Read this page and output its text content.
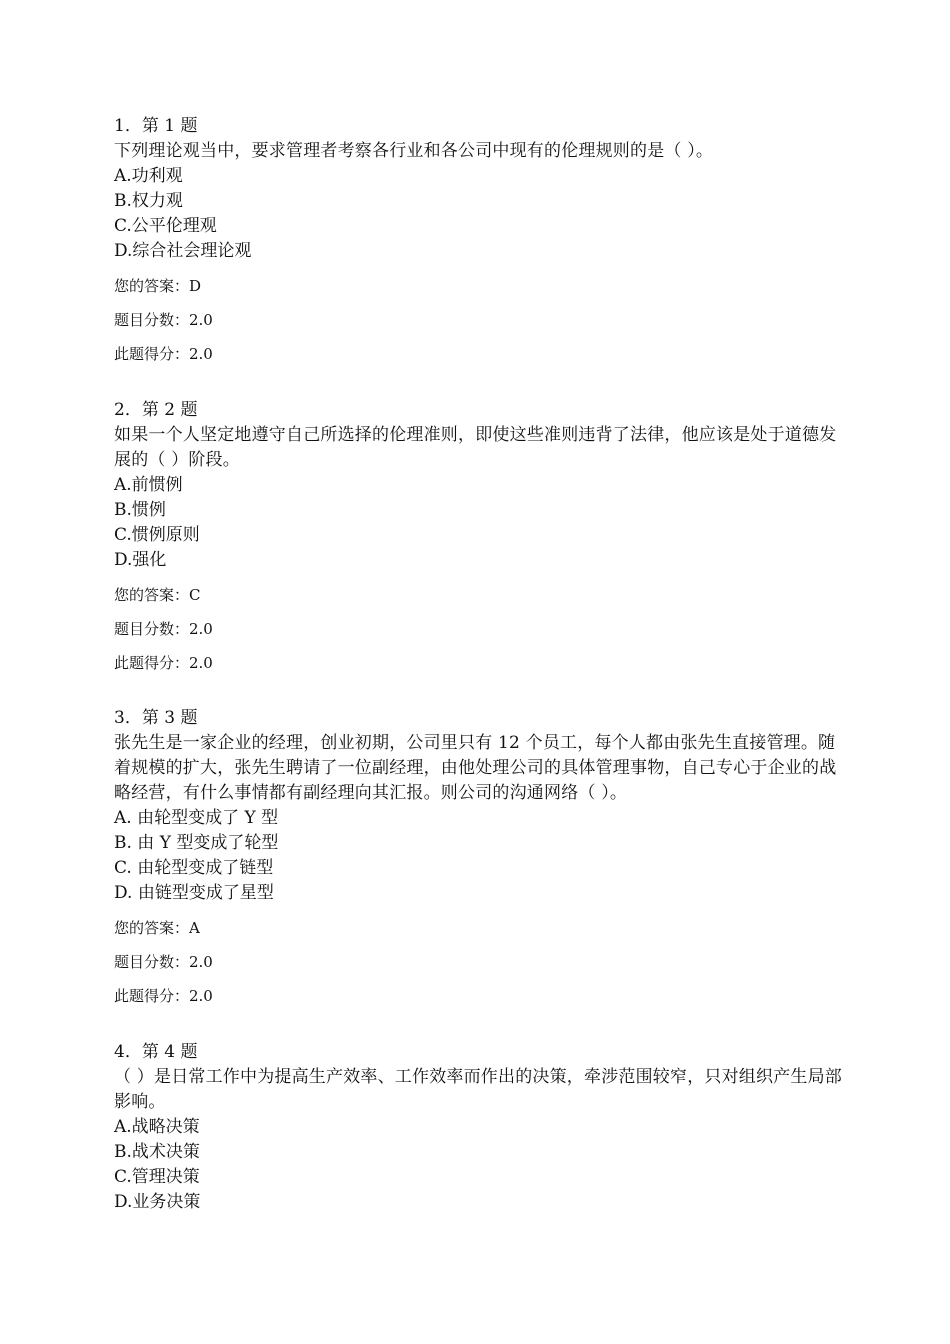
1．第 1 题
下列理论观当中，要求管理者考察各行业和各公司中现有的伦理规则的是（ ）。
A.功利观
B.权力观
C.公平伦理观
D.综合社会理论观
您的答案：D
题目分数：2.0
此题得分：2.0
2．第 2 题
如果一个人坚定地遵守自己所选择的伦理准则，即使这些准则违背了法律，他应该是处于道德发展的（ ）阶段。
A.前惯例
B.惯例
C.惯例原则
D.强化
您的答案：C
题目分数：2.0
此题得分：2.0
3．第 3 题
张先生是一家企业的经理，创业初期，公司里只有 12 个员工，每个人都由张先生直接管理。随着规模的扩大，张先生聘请了一位副经理，由他处理公司的具体管理事物，自己专心于企业的战略经营，有什么事情都有副经理向其汇报。则公司的沟通网络（ ）。
A. 由轮型变成了 Y 型
B. 由 Y 型变成了轮型
C. 由轮型变成了链型
D. 由链型变成了星型
您的答案：A
题目分数：2.0
此题得分：2.0
4．第 4 题
（ ）是日常工作中为提高生产效率、工作效率而作出的决策，牵涉范围较窄，只对组织产生局部影响。
A.战略决策
B.战术决策
C.管理决策
D.业务决策
